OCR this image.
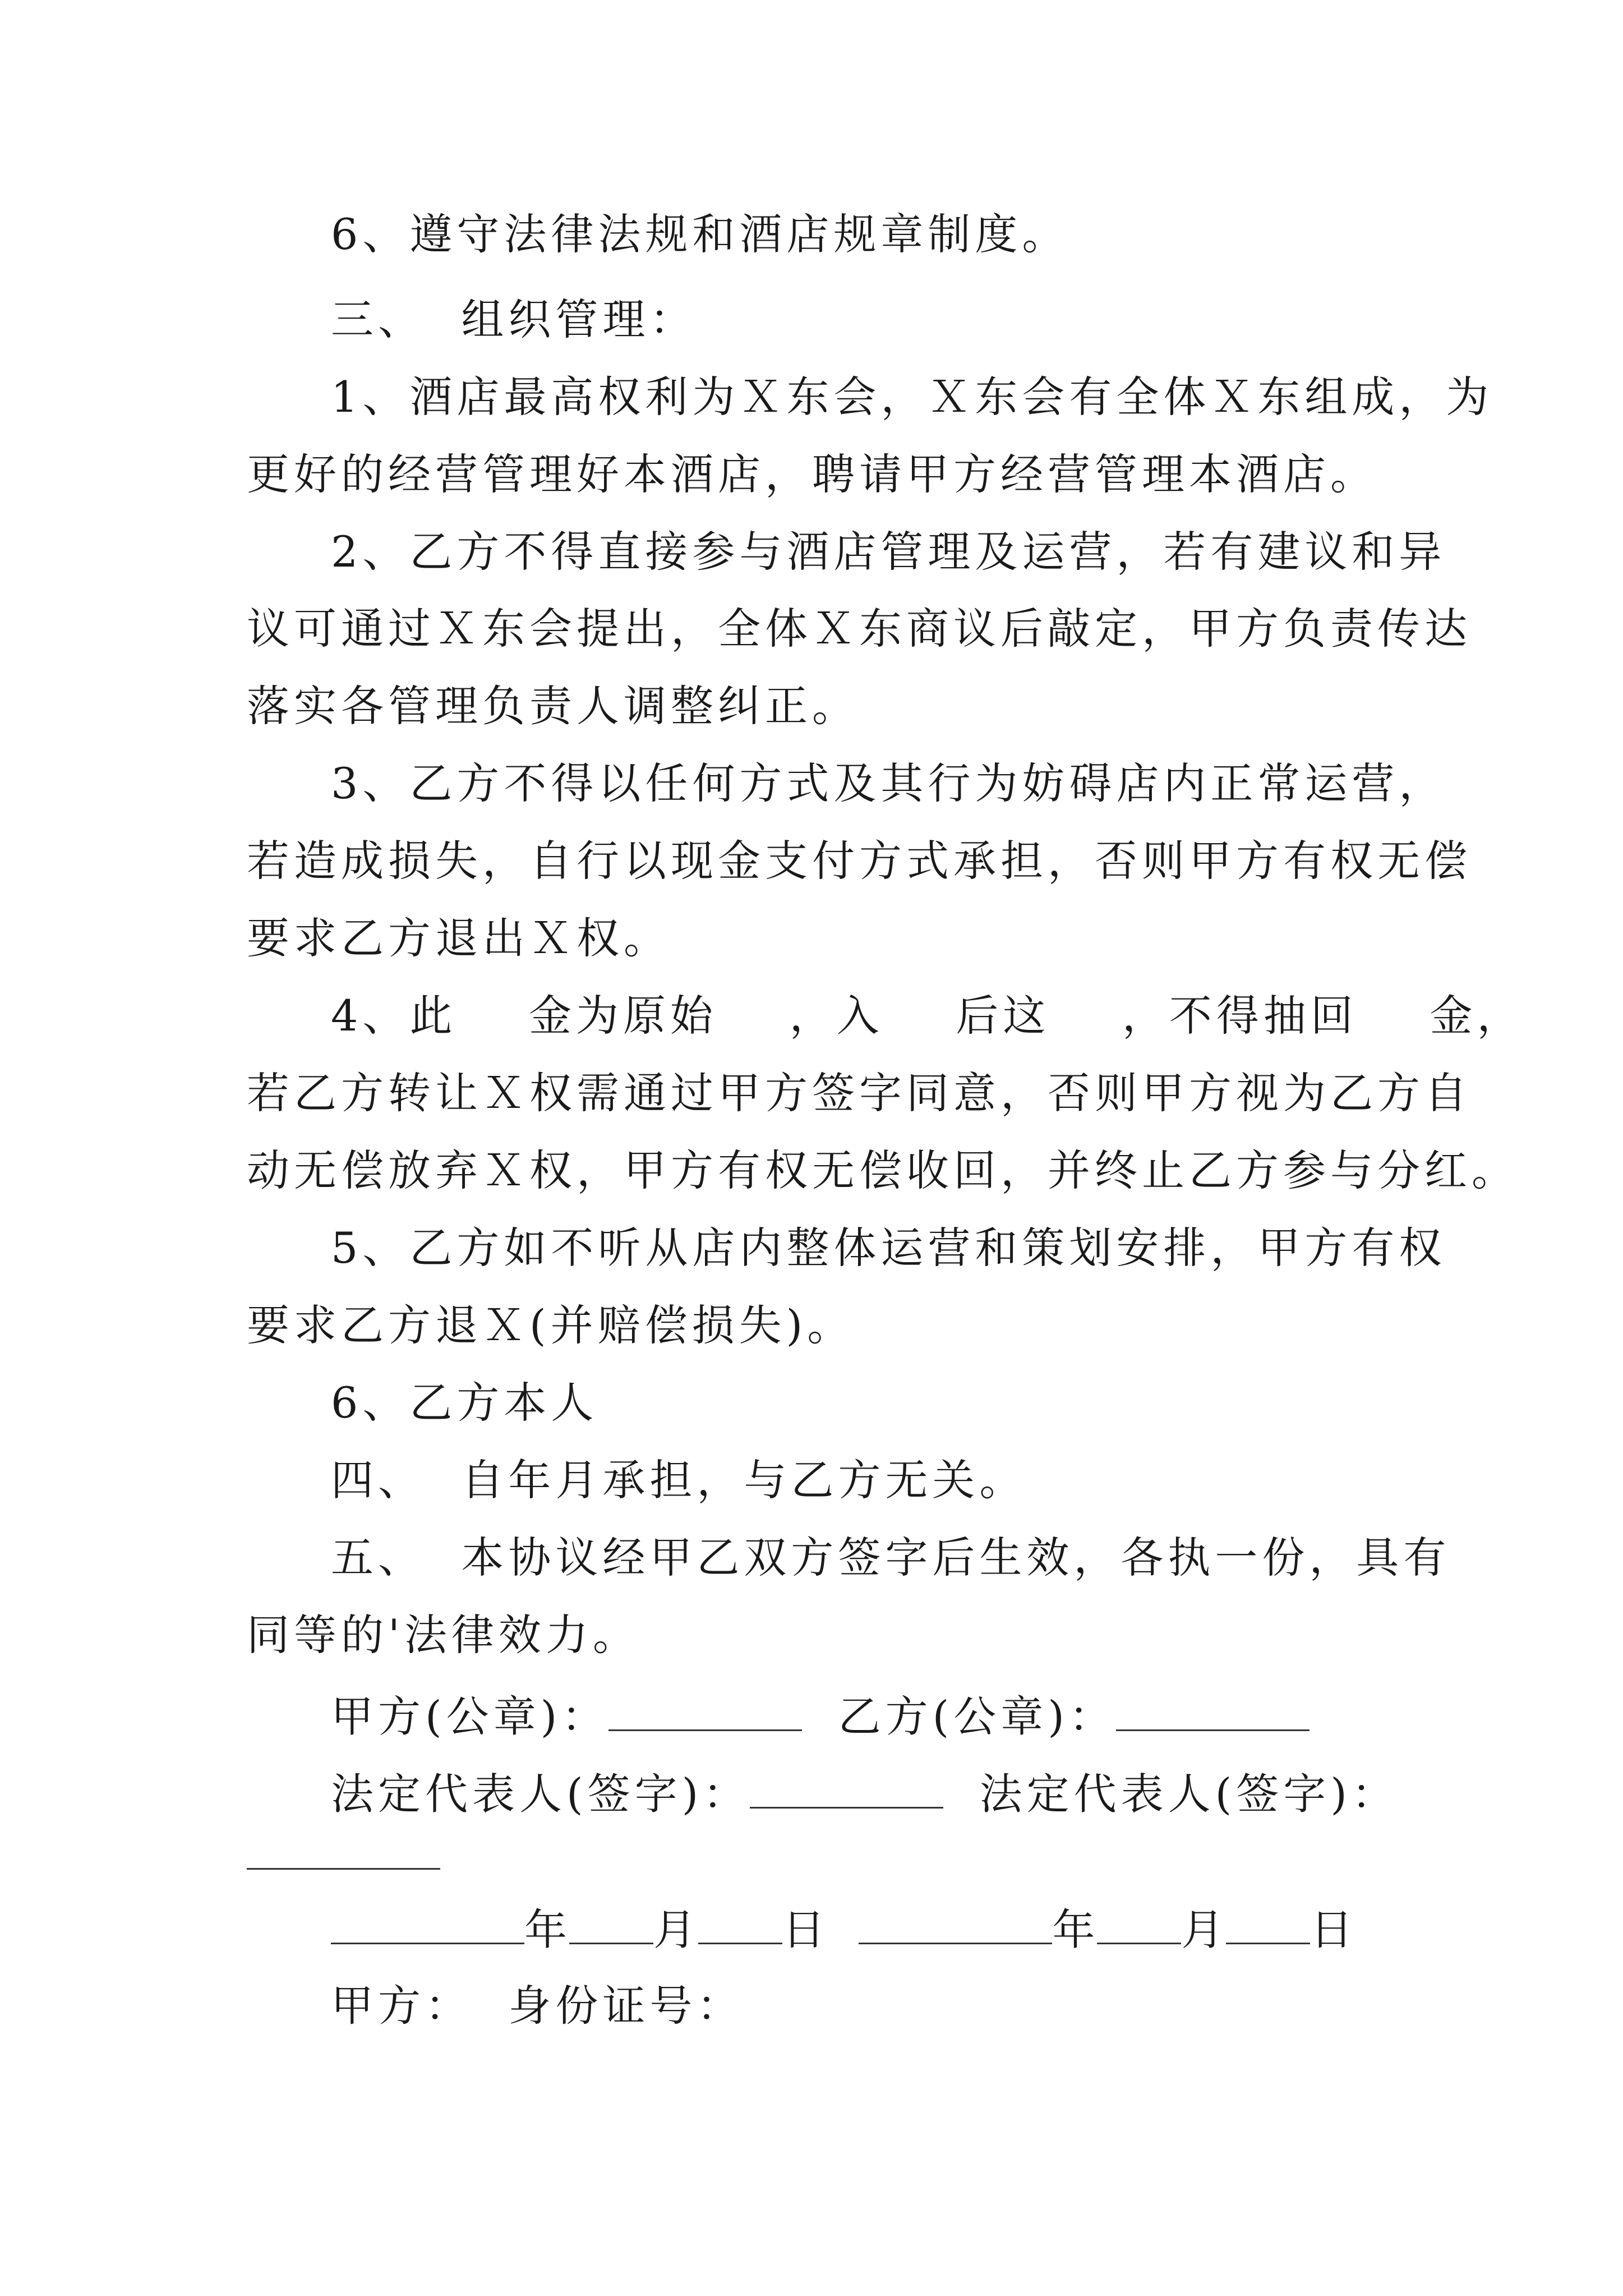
6、遵守法律法规和酒店规章制度。
三、  组织管理：
1、酒店最高权利为Ｘ东会，Ｘ东会有全体Ｘ东组成，为
更好的经营管理好本酒店，聘请甲方经营管理本酒店。
2、乙方不得直接参与酒店管理及运营，若有建议和异
议可通过Ｘ东会提出，全体Ｘ东商议后敲定，甲方负责传达
落实各管理负责人调整纠正。
3、乙方不得以任何方式及其行为妨碍店内正常运营，
若造成损失，自行以现金支付方式承担，否则甲方有权无偿
要求乙方退出Ｘ权。
4、此    金为原始    ，入    后这    ，不得抽回    金，
若乙方转让Ｘ权需通过甲方签字同意，否则甲方视为乙方自
动无偿放弃Ｘ权，甲方有权无偿收回，并终止乙方参与分红。
5、乙方如不听从店内整体运营和策划安排，甲方有权
要求乙方退Ｘ(并赔偿损失)。
6、乙方本人
四、  自年月承担，与乙方无关。
五、  本协议经甲乙双方签字后生效，各执一份，具有
同等的'法律效力。
甲方(公章)：	乙方(公章)：
法定代表人(签字)：	法定代表人(签字)：
年 月 日	年 月 日
甲方：  身份证号：
